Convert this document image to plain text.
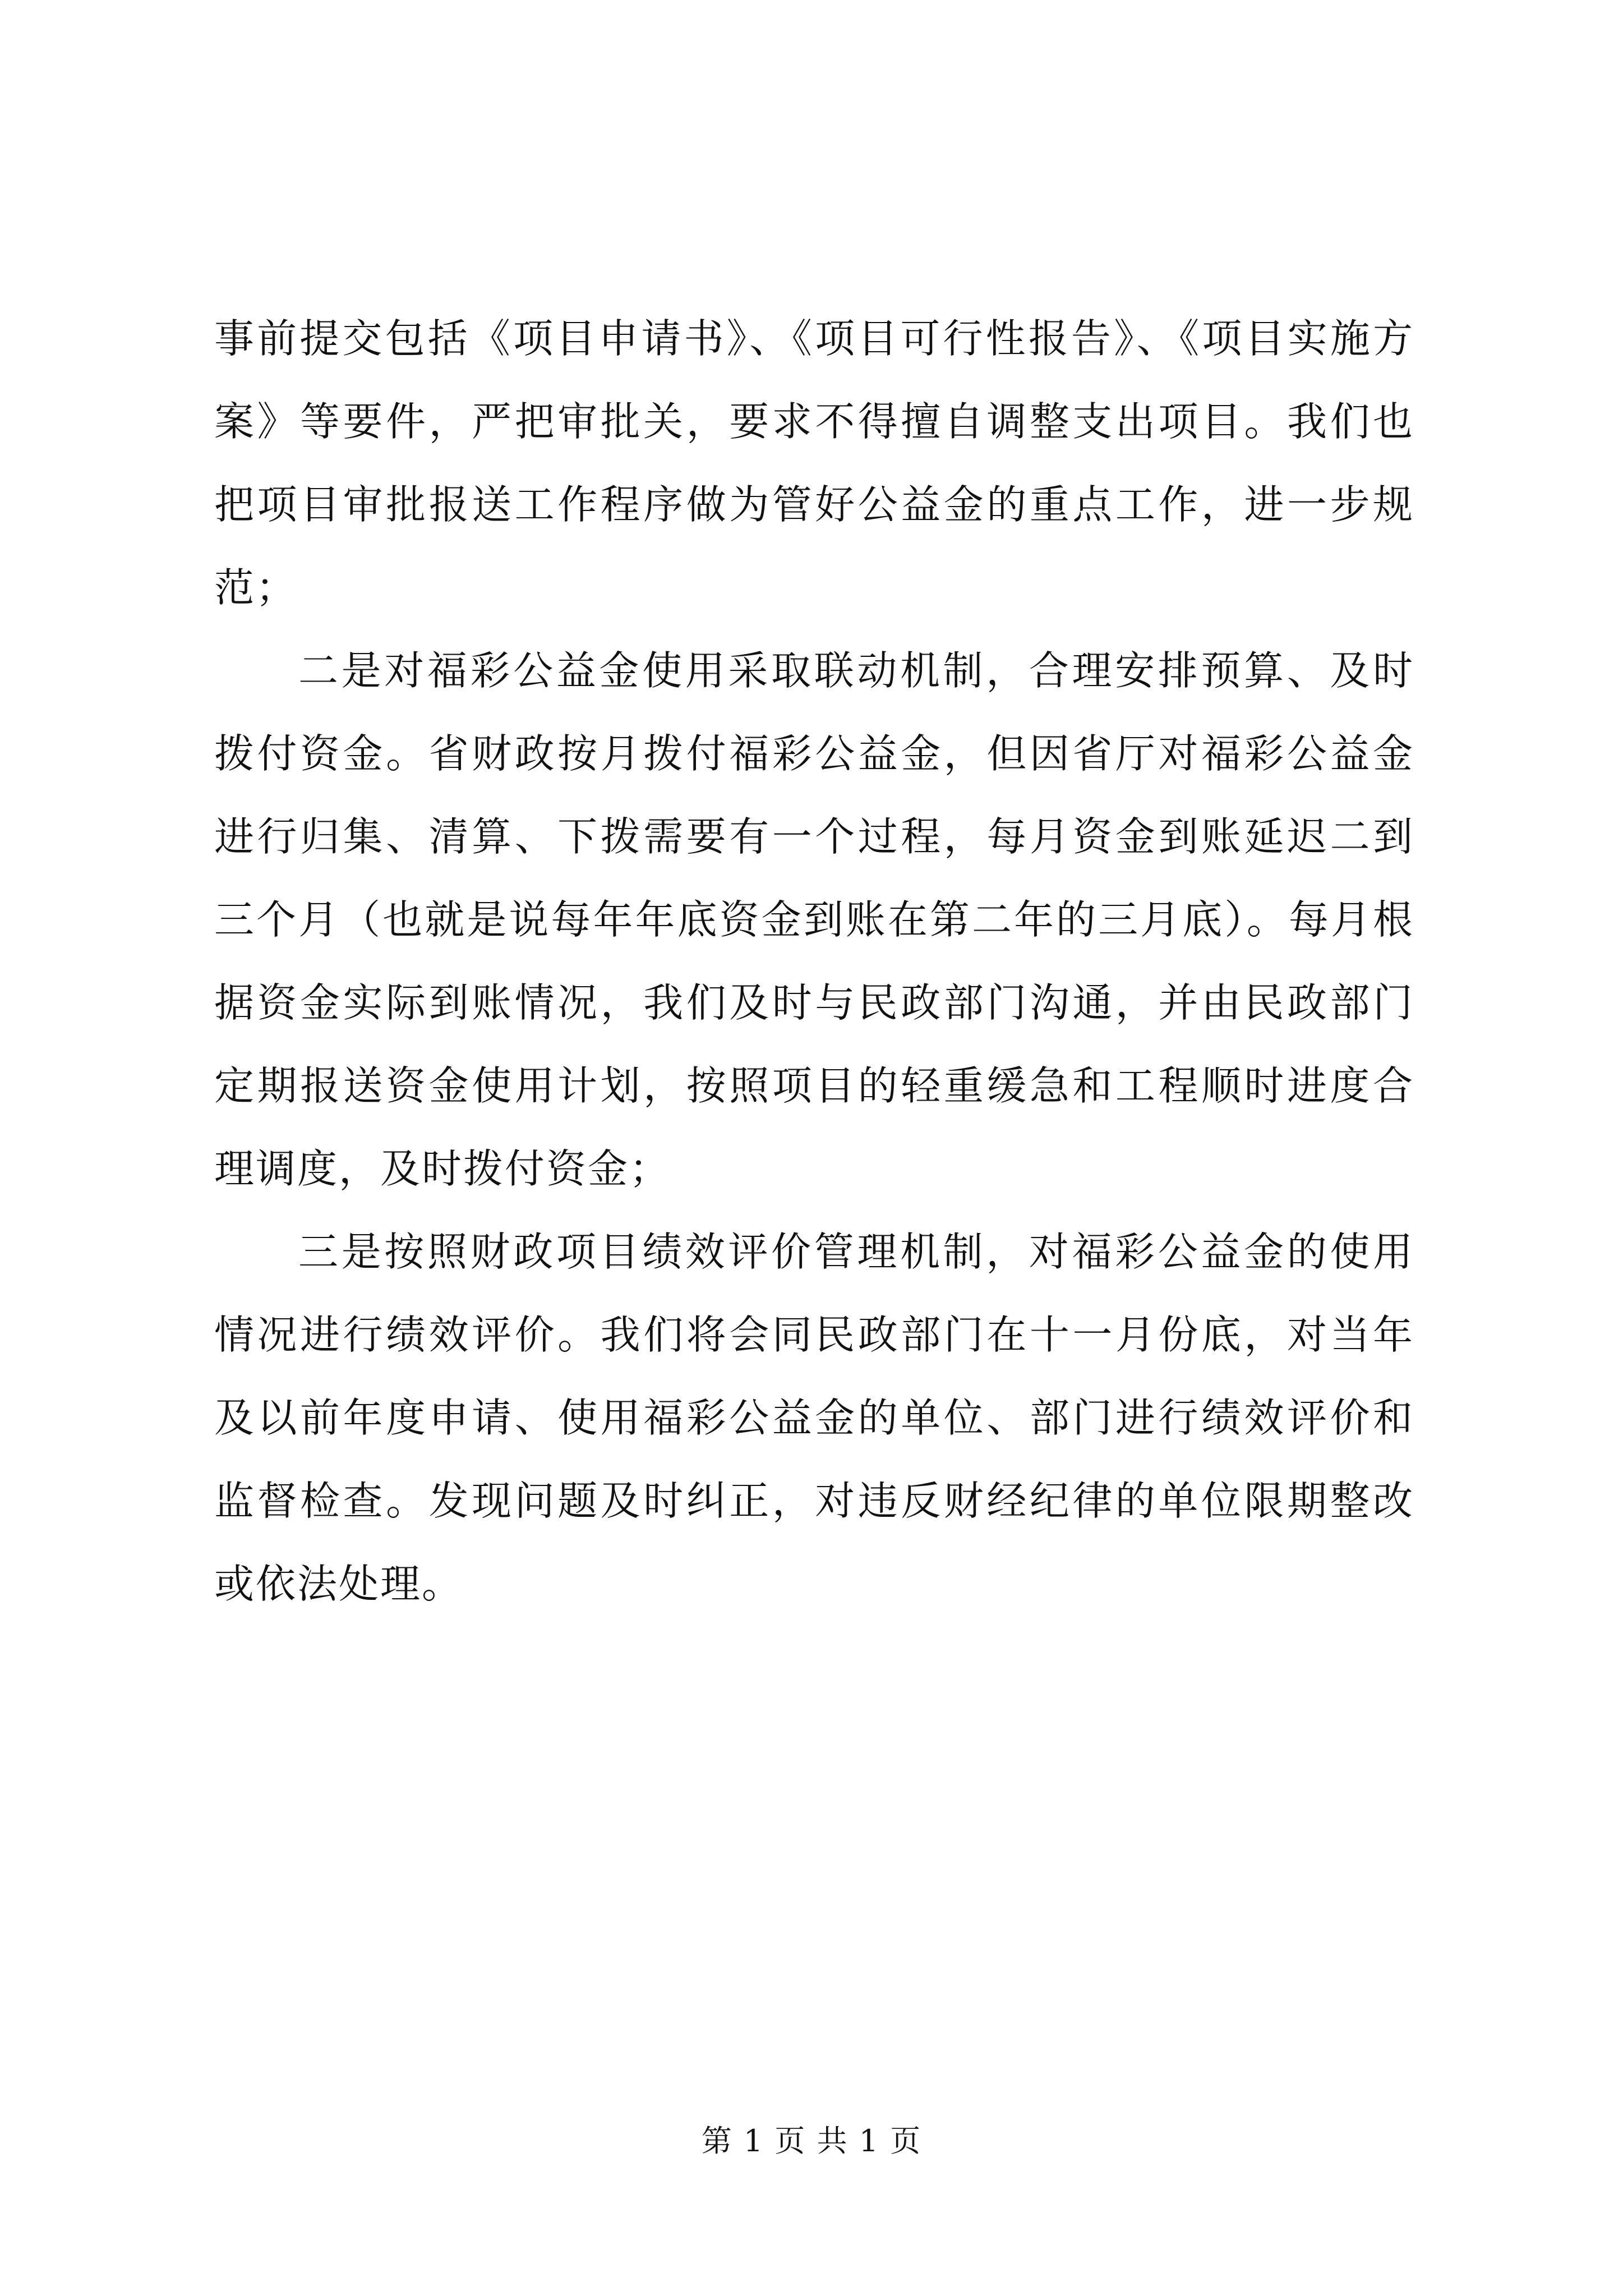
事前提交包括《项目申请书》、《项目可行性报告》、《项目实施方案》等要件，严把审批关，要求不得擅自调整支出项目。我们也把项目审批报送工作程序做为管好公益金的重点工作，进一步规范；

二是对福彩公益金使用采取联动机制，合理安排预算、及时拨付资金。省财政按月拨付福彩公益金，但因省厅对福彩公益金进行归集、清算、下拨需要有一个过程，每月资金到账延迟二到三个月（也就是说每年年底资金到账在第二年的三月底）。每月根据资金实际到账情况，我们及时与民政部门沟通，并由民政部门定期报送资金使用计划，按照项目的轻重缓急和工程顺时进度合理调度，及时拨付资金；

三是按照财政项目绩效评价管理机制，对福彩公益金的使用情况进行绩效评价。我们将会同民政部门在十一月份底，对当年及以前年度申请、使用福彩公益金的单位、部门进行绩效评价和监督检查。发现问题及时纠正，对违反财经纪律的单位限期整改或依法处理。

第 1 页 共 1 页
